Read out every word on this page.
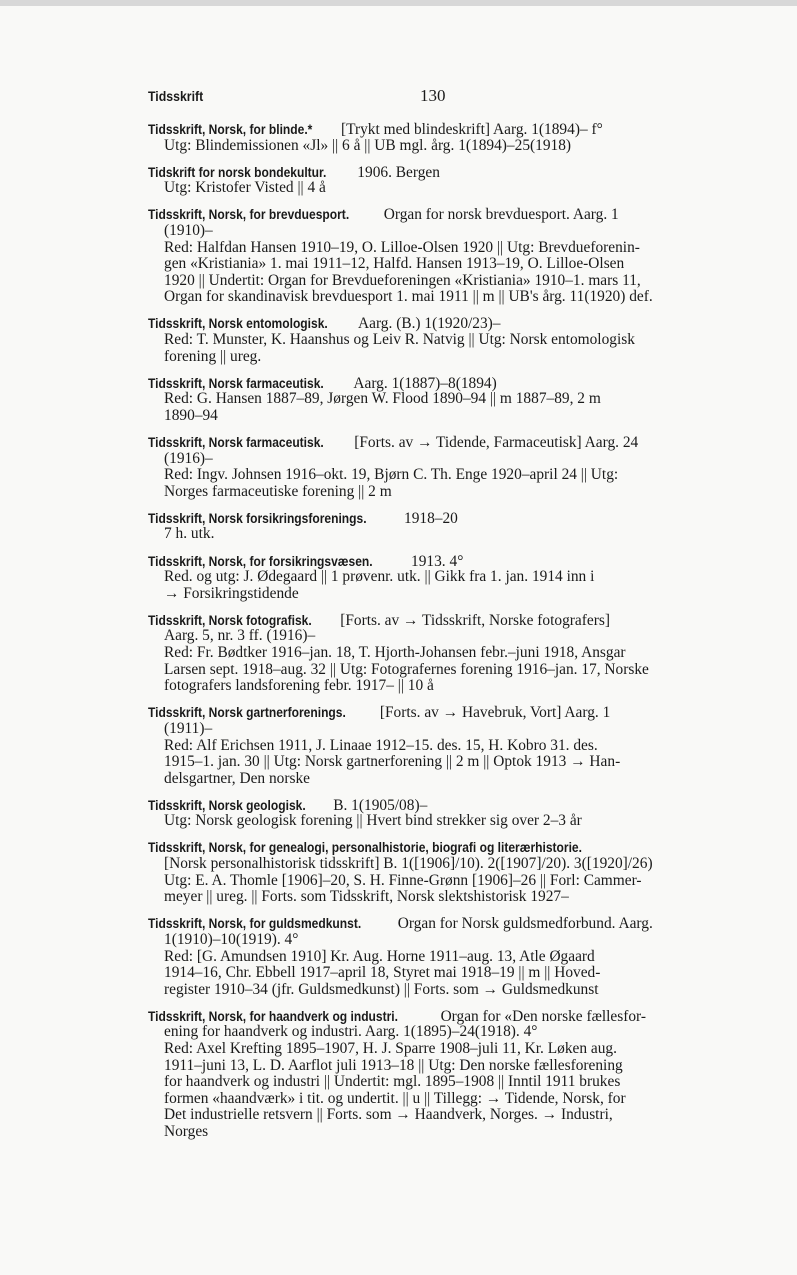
Tidsskrift	130
Tidsskrift, Norsk, for blinde.* [Trykt med blindeskrift] Aarg. 1(1894)– f°
Utg: Blindemissionen «Jl» || 6 å || UB mgl. årg. 1(1894)–25(1918)
Tidskrift for norsk bondekultur. 1906. Bergen
Utg: Kristofer Visted || 4 å
Tidsskrift, Norsk, for brevduesport. Organ for norsk brevduesport. Aarg. 1
(1910)–
Red: Halfdan Hansen 1910–19, O. Lilloe-Olsen 1920 || Utg: Brevdueforenin-
gen «Kristiania» 1. mai 1911–12, Halfd. Hansen 1913–19, O. Lilloe-Olsen
1920 || Undertit: Organ for Brevdueforeningen «Kristiania» 1910–1. mars 11,
Organ for skandinavisk brevduesport 1. mai 1911 || m || UB's årg. 11(1920) def.
Tidsskrift, Norsk entomologisk. Aarg. (B.) 1(1920/23)–
Red: T. Munster, K. Haanshus og Leiv R. Natvig || Utg: Norsk entomologisk
forening || ureg.
Tidsskrift, Norsk farmaceutisk. Aarg. 1(1887)–8(1894)
Red: G. Hansen 1887–89, Jørgen W. Flood 1890–94 || m 1887–89, 2 m
1890–94
Tidsskrift, Norsk farmaceutisk. [Forts. av → Tidende, Farmaceutisk] Aarg. 24
(1916)–
Red: Ingv. Johnsen 1916–okt. 19, Bjørn C. Th. Enge 1920–april 24 || Utg:
Norges farmaceutiske forening || 2 m
Tidsskrift, Norsk forsikringsforenings. 1918–20
7 h. utk.
Tidsskrift, Norsk, for forsikringsvæsen. 1913. 4°
Red. og utg: J. Ødegaard || 1 prøvenr. utk. || Gikk fra 1. jan. 1914 inn i
→ Forsikringstidende
Tidsskrift, Norsk fotografisk. [Forts. av → Tidsskrift, Norske fotografers]
Aarg. 5, nr. 3 ff. (1916)–
Red: Fr. Bødtker 1916–jan. 18, T. Hjorth-Johansen febr.–juni 1918, Ansgar
Larsen sept. 1918–aug. 32 || Utg: Fotografernes forening 1916–jan. 17, Norske
fotografers landsforening febr. 1917– || 10 å
Tidsskrift, Norsk gartnerforenings. [Forts. av → Havebruk, Vort] Aarg. 1
(1911)–
Red: Alf Erichsen 1911, J. Linaae 1912–15. des. 15, H. Kobro 31. des.
1915–1. jan. 30 || Utg: Norsk gartnerforening || 2 m || Optok 1913 → Han-
delsgartner, Den norske
Tidsskrift, Norsk geologisk. B. 1(1905/08)–
Utg: Norsk geologisk forening || Hvert bind strekker sig over 2–3 år
Tidsskrift, Norsk, for genealogi, personalhistorie, biografi og literærhistorie.
[Norsk personalhistorisk tidsskrift] B. 1([1906]/10). 2([1907]/20). 3([1920]/26)
Utg: E. A. Thomle [1906]–20, S. H. Finne-Grønn [1906]–26 || Forl: Cammer-
meyer || ureg. || Forts. som Tidsskrift, Norsk slektshistorisk 1927–
Tidsskrift, Norsk, for guldsmedkunst. Organ for Norsk guldsmedforbund. Aarg.
1(1910)–10(1919). 4°
Red: [G. Amundsen 1910] Kr. Aug. Horne 1911–aug. 13, Atle Øgaard
1914–16, Chr. Ebbell 1917–april 18, Styret mai 1918–19 || m || Hoved-
register 1910–34 (jfr. Guldsmedkunst) || Forts. som → Guldsmedkunst
Tidsskrift, Norsk, for haandverk og industri.	Organ for «Den norske fællesfor-
ening for haandverk og industri. Aarg. 1(1895)–24(1918). 4°
Red: Axel Krefting 1895–1907, H. J. Sparre 1908–juli 11, Kr. Løken aug.
1911–juni 13, L. D. Aarflot juli 1913–18 || Utg: Den norske fællesforening
for haandverk og industri || Undertit: mgl. 1895–1908 || Inntil 1911 brukes
formen «haandværk» i tit. og undertit. || u || Tillegg: → Tidende, Norsk, for
Det industrielle retsvern || Forts. som → Haandverk, Norges. → Industri,
Norges
